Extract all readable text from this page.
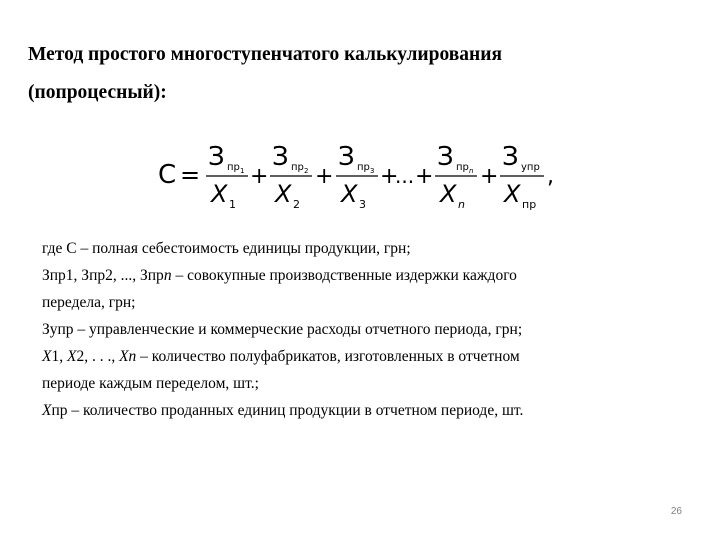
Метод простого многоступенчатого калькулирования
(попроцесный):
C =
З пр 1
X 1
+
З пр 2
X 2
+
З пр 3
X 3
+
... +
З пр n
X n
+
З упр
X пр
,
где С – полная себестоимость единицы продукции, грн;
Зпр1, Зпр2, ..., Зпрn – совокупные производственные издержки каждого
передела, грн;
Зупр – управленческие и коммерческие расходы отчетного периода, грн;
X1, X2, . . ., Xn – количество полуфабрикатов, изготовленных в отчетном
периоде каждым переделом, шт.;
Xпр – количество проданных единиц продукции в отчетном периоде, шт.
26
